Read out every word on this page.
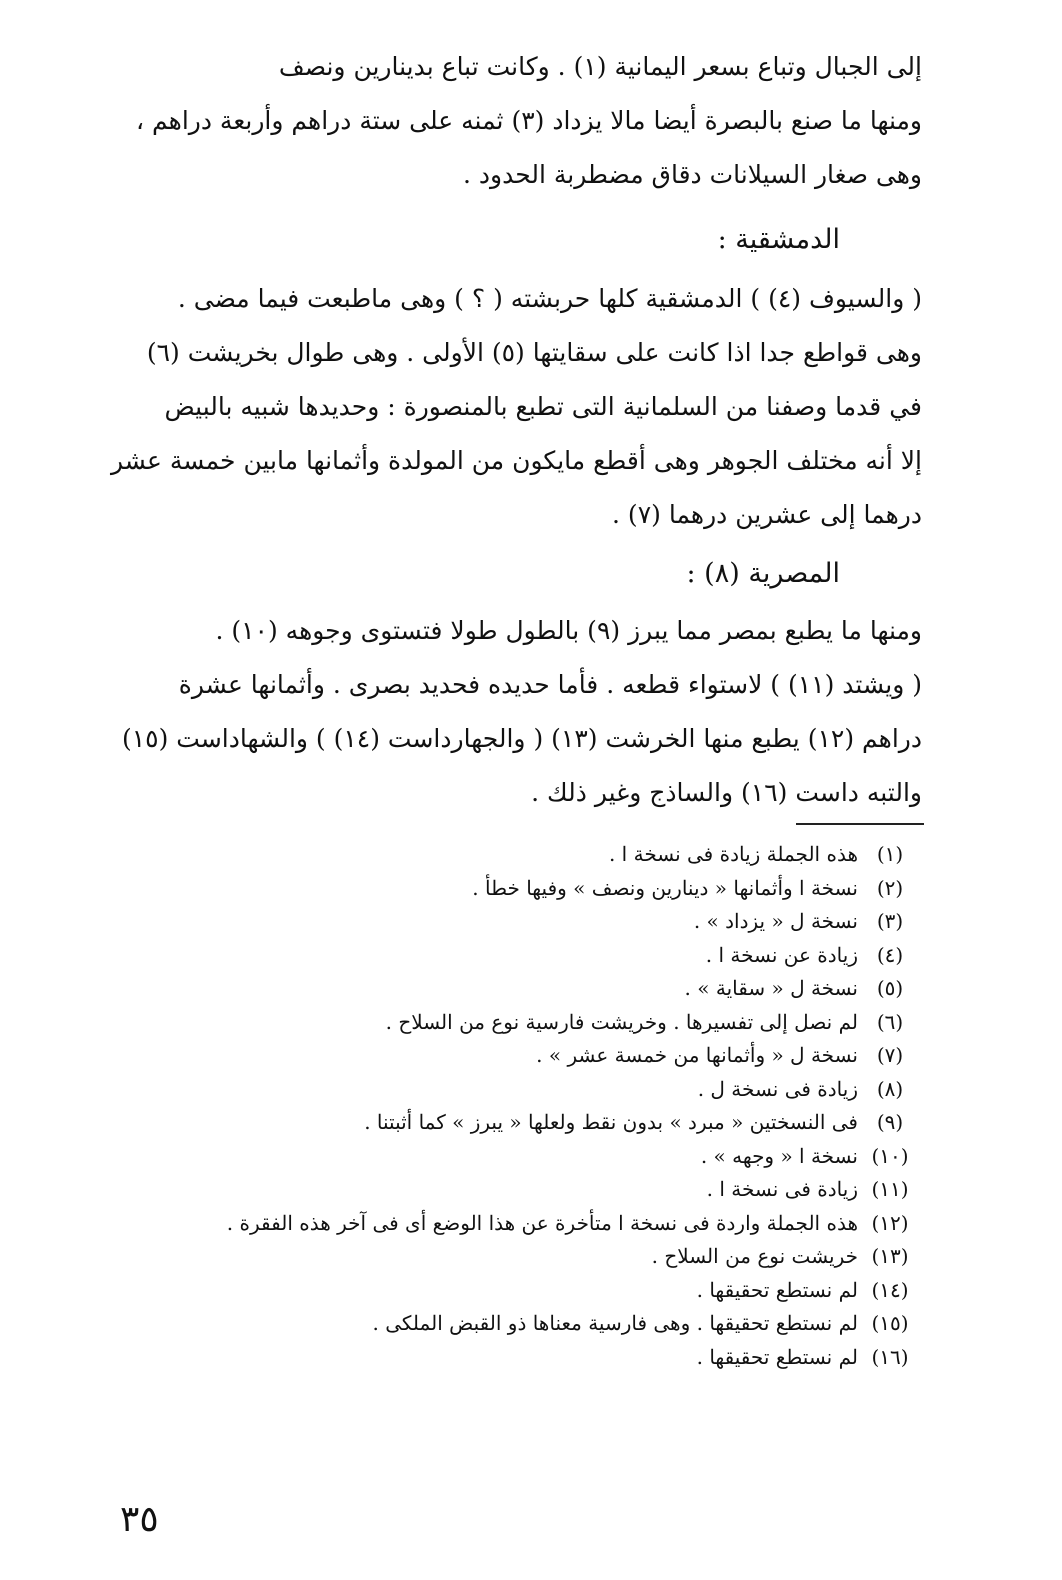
إلى الجبال وتباع بسعر اليمانية (١) . وكانت تباع بدينارين ونصف
ومنها ما صنع بالبصرة أيضا مالا يزداد (٣) ثمنه على ستة دراهم وأربعة دراهم ،
وهى صغار السيلانات دقاق مضطربة الحدود .
الدمشقية :
( والسيوف (٤) ) الدمشقية كلها حربشته ( ؟ ) وهى ماطبعت فيما مضى .
وهى قواطع جدا اذا كانت على سقايتها (٥) الأولى . وهى طوال بخريشت (٦)
في قدما وصفنا من السلمانية التى تطبع بالمنصورة : وحديدها شبيه بالبيض
إلا أنه مختلف الجوهر وهى أقطع مايكون من المولدة وأثمانها مابين خمسة عشر
درهما إلى عشرين درهما (٧) .
المصرية (٨) :
ومنها ما يطبع بمصر مما يبرز (٩) بالطول طولا فتستوى وجوهه (١٠) .
( ويشتد (١١) ) لاستواء قطعه . فأما حديده فحديد بصرى . وأثمانها عشرة
دراهم (١٢) يطبع منها الخرشت (١٣) ( والجهارداست (١٤) ) والشهاداست (١٥)
والتبه داست (١٦) والساذج وغير ذلك .
(١)
هذه الجملة زيادة فى نسخة ا .
(٢)
نسخة ا وأثمانها « دينارين ونصف » وفيها خطأ .
(٣)
نسخة ل « يزداد » .
(٤)
زيادة عن نسخة ا .
(٥)
نسخة ل « سقاية » .
(٦)
لم نصل إلى تفسيرها . وخريشت فارسية نوع من السلاح .
(٧)
نسخة ل « وأثمانها من خمسة عشر » .
(٨)
زيادة فى نسخة ل .
(٩)
فى النسختين « مبرد » بدون نقط ولعلها « يبرز » كما أثبتنا .
(١٠)
نسخة ا « وجهه » .
(١١)
زيادة فى نسخة ا .
(١٢)
هذه الجملة واردة فى نسخة ا متأخرة عن هذا الوضع أى فى آخر هذه الفقرة .
(١٣)
خريشت نوع من السلاح .
(١٤)
لم نستطع تحقيقها .
(١٥)
لم نستطع تحقيقها . وهى فارسية معناها ذو القبض الملكى .
(١٦)
لم نستطع تحقيقها .
٣٥
